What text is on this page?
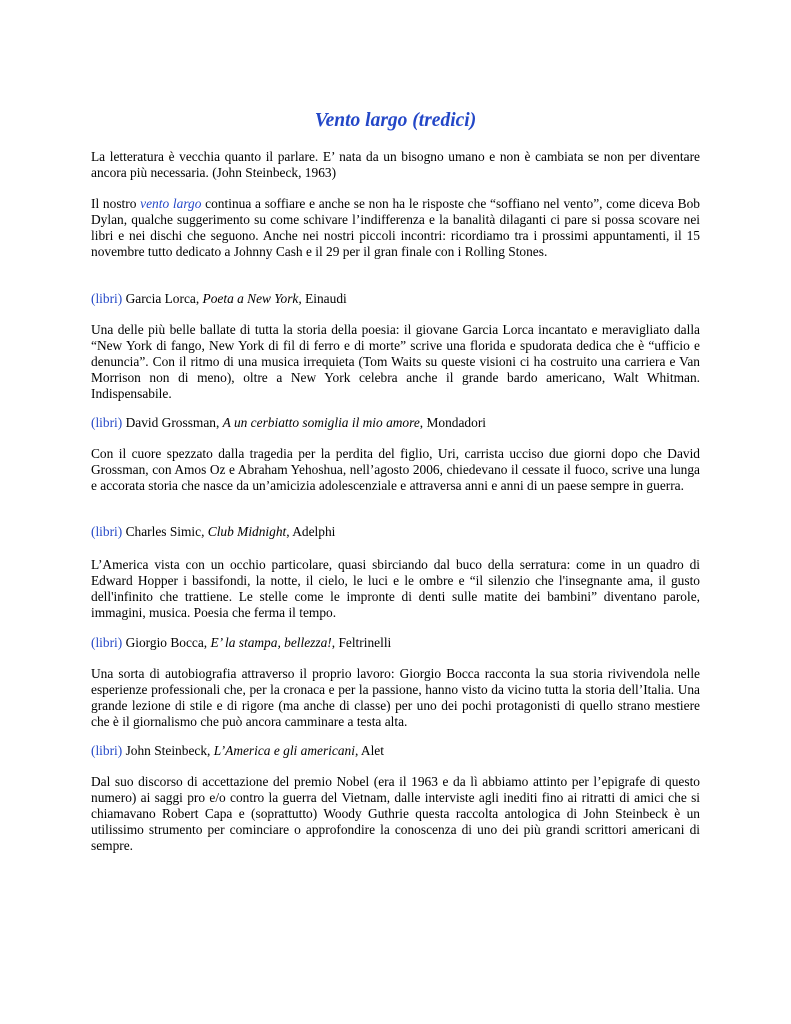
Vento largo (tredici)

La letteratura è vecchia quanto il parlare. E’ nata da un bisogno umano e non è cambiata se non per diventare ancora più necessaria. (John Steinbeck, 1963)

Il nostro vento largo continua a soffiare e anche se non ha le risposte che “soffiano nel vento”, come diceva Bob Dylan, qualche suggerimento su come schivare l’indifferenza e la banalità dilaganti ci pare si possa scovare nei libri e nei dischi che seguono. Anche nei nostri piccoli incontri: ricordiamo tra i prossimi appuntamenti, il 15 novembre tutto dedicato a Johnny Cash e il 29 per il gran finale con i Rolling Stones.

(libri) Garcia Lorca, Poeta a New York, Einaudi

Una delle più belle ballate di tutta la storia della poesia: il giovane Garcia Lorca incantato e meravigliato dalla “New York di fango, New York di fil di ferro e di morte” scrive una florida e spudorata dedica che è “ufficio e denuncia”. Con il ritmo di una musica irrequieta (Tom Waits su queste visioni ci ha costruito una carriera e Van Morrison non di meno), oltre a New York celebra anche il grande bardo americano, Walt Whitman. Indispensabile.

(libri) David Grossman, A un cerbiatto somiglia il mio amore, Mondadori

Con il cuore spezzato dalla tragedia per la perdita del figlio, Uri, carrista ucciso due giorni dopo che David Grossman, con Amos Oz e Abraham Yehoshua, nell’agosto 2006, chiedevano il cessate il fuoco, scrive una lunga e accorata storia che nasce da un’amicizia adolescenziale e attraversa anni e anni di un paese sempre in guerra.

(libri) Charles Simic, Club Midnight, Adelphi

L’America vista con un occhio particolare, quasi sbirciando dal buco della serratura: come in un quadro di Edward Hopper i bassifondi, la notte, il cielo, le luci e le ombre e “il silenzio che l'insegnante ama, il gusto dell'infinito che trattiene. Le stelle come le impronte di denti sulle matite dei bambini” diventano parole, immagini, musica. Poesia che ferma il tempo.

(libri) Giorgio Bocca, E’ la stampa, bellezza!, Feltrinelli

Una sorta di autobiografia attraverso il proprio lavoro: Giorgio Bocca racconta la sua storia rivivendola nelle esperienze professionali che, per la cronaca e per la passione, hanno visto da vicino tutta la storia dell’Italia. Una grande lezione di stile e di rigore (ma anche di classe) per uno dei pochi protagonisti di quello strano mestiere che è il giornalismo che può ancora camminare a testa alta.

(libri) John Steinbeck, L’America e gli americani, Alet

Dal suo discorso di accettazione del premio Nobel (era il 1963 e da lì abbiamo attinto per l’epigrafe di questo numero) ai saggi pro e/o contro la guerra del Vietnam, dalle interviste agli inediti fino ai ritratti di amici che si chiamavano Robert Capa e (soprattutto) Woody Guthrie questa raccolta antologica di John Steinbeck è un utilissimo strumento per cominciare o approfondire la conoscenza di uno dei più grandi scrittori americani di sempre.
